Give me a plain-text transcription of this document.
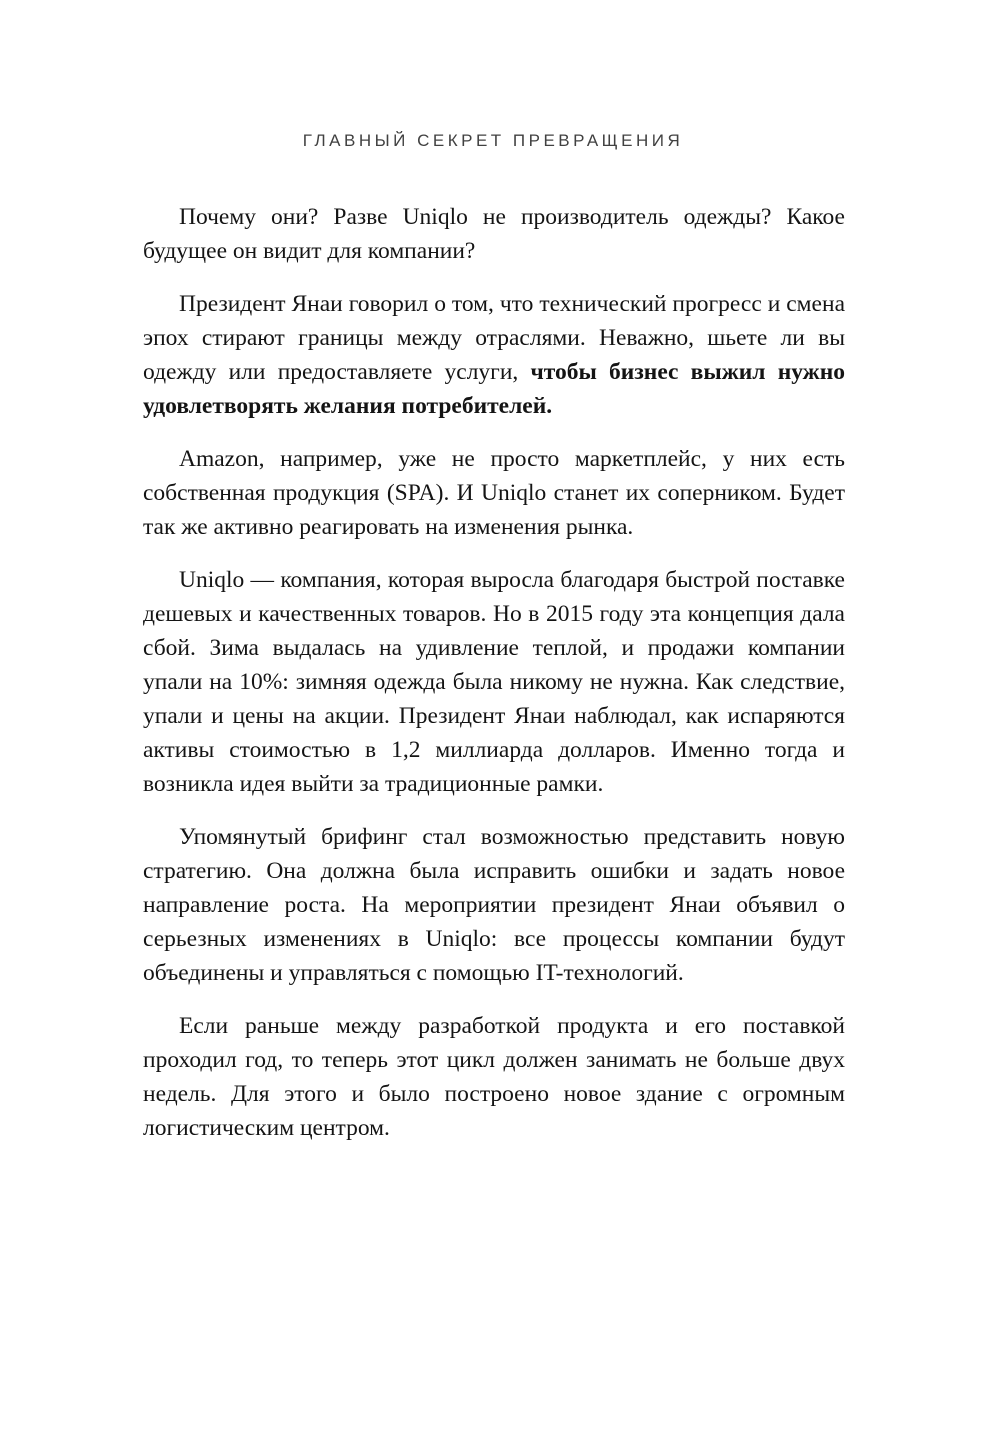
ГЛАВНЫЙ СЕКРЕТ ПРЕВРАЩЕНИЯ

Почему они? Разве Uniqlo не производитель одежды? Какое будущее он видит для компании?

Президент Янаи говорил о том, что технический прогресс и смена эпох стирают границы между отраслями. Неважно, шьете ли вы одежду или предоставляете услуги, чтобы бизнес выжил нужно удовлетворять желания потребителей.

Amazon, например, уже не просто маркетплейс, у них есть собственная продукция (SPA). И Uniqlo станет их соперником. Будет так же активно реагировать на изменения рынка.

Uniqlo — компания, которая выросла благодаря быстрой поставке дешевых и качественных товаров. Но в 2015 году эта концепция дала сбой. Зима выдалась на удивление теплой, и продажи компании упали на 10%: зимняя одежда была никому не нужна. Как следствие, упали и цены на акции. Президент Янаи наблюдал, как испаряются активы стоимостью в 1,2 миллиарда долларов. Именно тогда и возникла идея выйти за традиционные рамки.

Упомянутый брифинг стал возможностью представить новую стратегию. Она должна была исправить ошибки и задать новое направление роста. На мероприятии президент Янаи объявил о серьезных изменениях в Uniqlo: все процессы компании будут объединены и управляться с помощью IT-технологий.

Если раньше между разработкой продукта и его поставкой проходил год, то теперь этот цикл должен занимать не больше двух недель. Для этого и было построено новое здание с огромным логистическим центром.
